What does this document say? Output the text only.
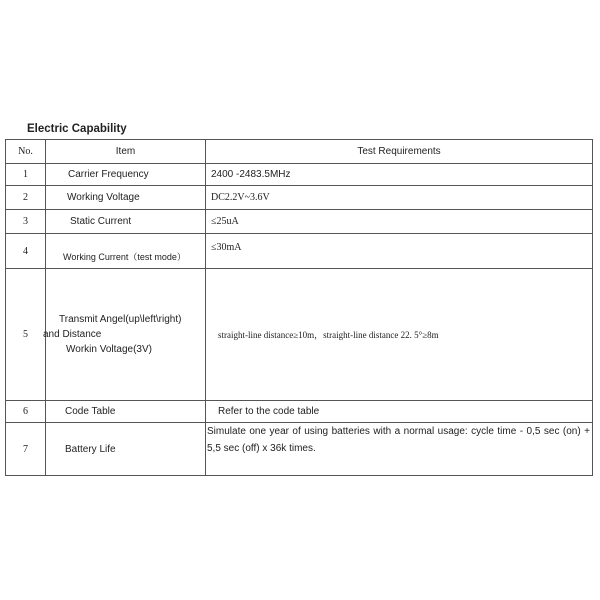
Electric Capability
No.	Item	Test Requirements
1	Carrier Frequency	2400 -2483.5MHz
2	Working Voltage	DC2.2V~3.6V
3	Static Current	≤25uA
4	Working Current（test mode）	≤30mA
5	Transmit Angel(up\left\right)
and Distance
Workin Voltage(3V)	straight-line distance≥10m，straight-line distance 22. 5°≥8m
6	Code Table	Refer to the code table
7	Battery Life	Simulate one year of using batteries with a normal usage: cycle time - 0,5 sec (on) + 5,5 sec (off) x 36k times.
